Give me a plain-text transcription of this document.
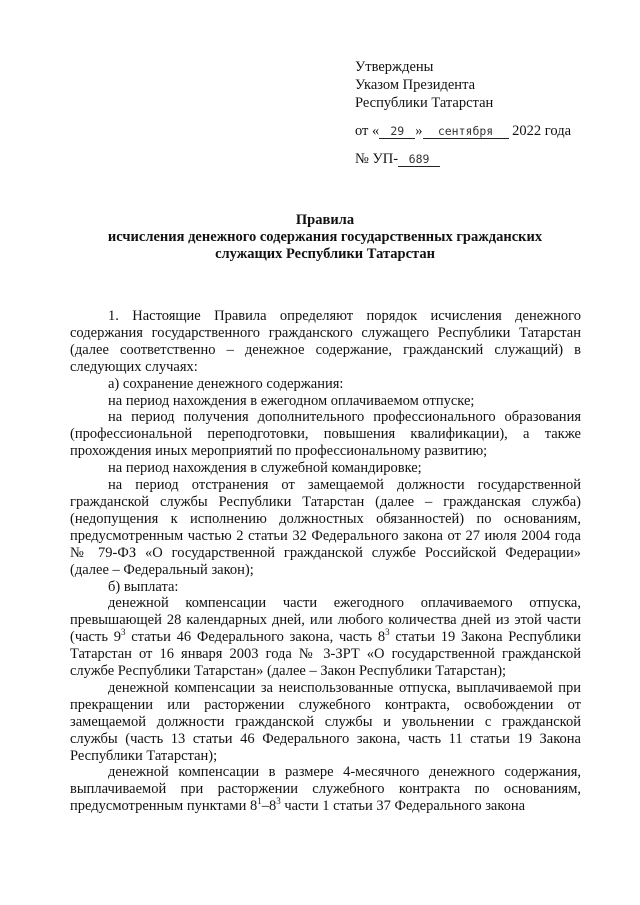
Утверждены
Указом Президента
Республики Татарстан
от « 29 » сентября 2022 года
№ УП- 689
Правила
исчисления денежного содержания государственных гражданских
служащих Республики Татарстан

1. Настоящие Правила определяют порядок исчисления денежного содержания государственного гражданского служащего Республики Татарстан (далее соответственно – денежное содержание, гражданский служащий) в следующих случаях:

а) сохранение денежного содержания:

на период нахождения в ежегодном оплачиваемом отпуске;

на период получения дополнительного профессионального образования (профессиональной переподготовки, повышения квалификации), а также прохождения иных мероприятий по профессиональному развитию;

на период нахождения в служебной командировке;

на период отстранения от замещаемой должности государственной гражданской службы Республики Татарстан (далее – гражданская служба) (недопущения к исполнению должностных обязанностей) по основаниям, предусмотренным частью 2 статьи 32 Федерального закона от 27 июля 2004 года № 79-ФЗ «О государственной гражданской службе Российской Федерации» (далее – Федеральный закон);

б) выплата:

денежной компенсации части ежегодного оплачиваемого отпуска, превышающей 28 календарных дней, или любого количества дней из этой части (часть $9^3$ статьи 46 Федерального закона, часть $8^3$ статьи 19 Закона Республики Татарстан от 16 января 2003 года № 3-ЗРТ «О государственной гражданской службе Республики Татарстан» (далее – Закон Республики Татарстан);

денежной компенсации за неиспользованные отпуска, выплачиваемой при прекращении или расторжении служебного контракта, освобождении от замещаемой должности гражданской службы и увольнении с гражданской службы (часть 13 статьи 46 Федерального закона, часть 11 статьи 19 Закона Республики Татарстан);

денежной компенсации в размере 4-месячного денежного содержания, выплачиваемой при расторжении служебного контракта по основаниям, предусмотренным пунктами $8^1-8^3$ части 1 статьи 37 Федерального закона
